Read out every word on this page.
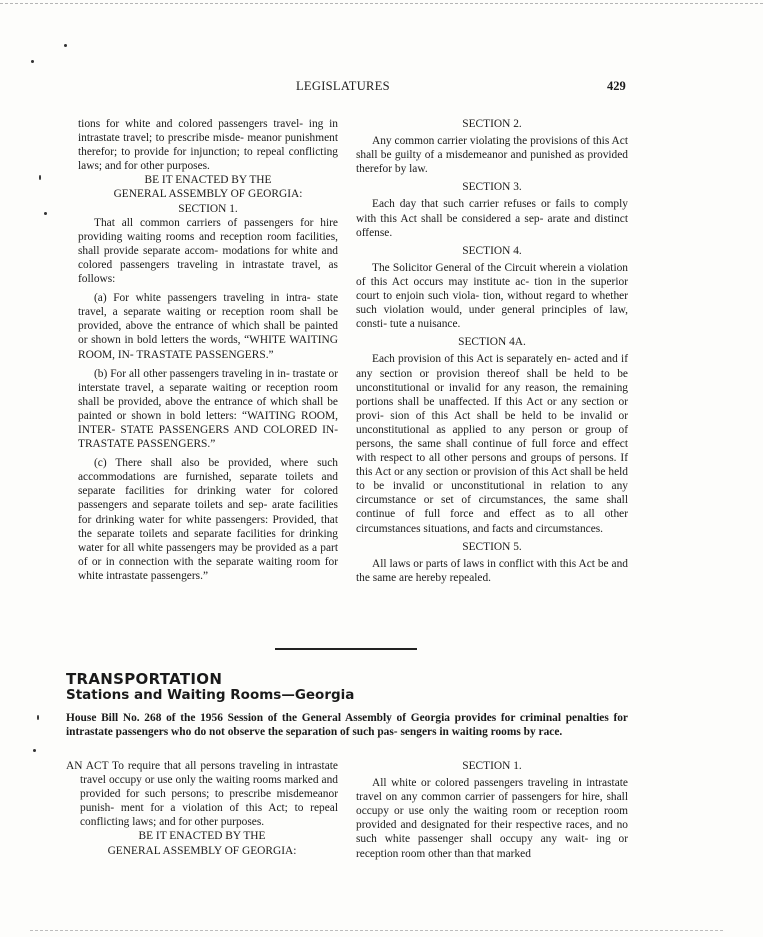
LEGISLATURES	429

tions for white and colored passengers travel- ing in intrastate travel; to prescribe misde- meanor punishment therefor; to provide for injunction; to repeal conflicting laws; and for other purposes.

BE IT ENACTED BY THE

GENERAL ASSEMBLY OF GEORGIA:

SECTION 1.

That all common carriers of passengers for hire providing waiting rooms and reception room facilities, shall provide separate accom- modations for white and colored passengers traveling in intrastate travel, as follows:

(a) For white passengers traveling in intra- state travel, a separate waiting or reception room shall be provided, above the entrance of which shall be painted or shown in bold letters the words, “WHITE WAITING ROOM, IN- TRASTATE PASSENGERS.”

(b) For all other passengers traveling in in- trastate or interstate travel, a separate waiting or reception room shall be provided, above the entrance of which shall be painted or shown in bold letters: “WAITING ROOM, INTER- STATE PASSENGERS AND COLORED IN- TRASTATE PASSENGERS.”

(c) There shall also be provided, where such accommodations are furnished, separate toilets and separate facilities for drinking water for colored passengers and separate toilets and sep- arate facilities for drinking water for white passengers: Provided, that the separate toilets and separate facilities for drinking water for all white passengers may be provided as a part of or in connection with the separate waiting room for white intrastate passengers.”

SECTION 2.

Any common carrier violating the provisions of this Act shall be guilty of a misdemeanor and punished as provided therefor by law.

SECTION 3.

Each day that such carrier refuses or fails to comply with this Act shall be considered a sep- arate and distinct offense.

SECTION 4.

The Solicitor General of the Circuit wherein a violation of this Act occurs may institute ac- tion in the superior court to enjoin such viola- tion, without regard to whether such violation would, under general principles of law, consti- tute a nuisance.

SECTION 4A.

Each provision of this Act is separately en- acted and if any section or provision thereof shall be held to be unconstitutional or invalid for any reason, the remaining portions shall be unaffected. If this Act or any section or provi- sion of this Act shall be held to be invalid or unconstitutional as applied to any person or group of persons, the same shall continue of full force and effect with respect to all other persons and groups of persons. If this Act or any section or provision of this Act shall be held to be invalid or unconstitutional in relation to any circumstance or set of circumstances, the same shall continue of full force and effect as to all other circumstances situations, and facts and circumstances.

SECTION 5.

All laws or parts of laws in conflict with this Act be and the same are hereby repealed.

TRANSPORTATION
Stations and Waiting Rooms—Georgia
House Bill No. 268 of the 1956 Session of the General Assembly of Georgia provides for criminal penalties for intrastate passengers who do not observe the separation of such pas- sengers in waiting rooms by race.

AN ACT To require that all persons traveling in intrastate travel occupy or use only the waiting rooms marked and provided for such persons; to prescribe misdemeanor punish- ment for a violation of this Act; to repeal conflicting laws; and for other purposes.

BE IT ENACTED BY THE

GENERAL ASSEMBLY OF GEORGIA:

SECTION 1.

All white or colored passengers traveling in intrastate travel on any common carrier of passengers for hire, shall occupy or use only the waiting room or reception room provided and designated for their respective races, and no such white passenger shall occupy any wait- ing or reception room other than that marked
